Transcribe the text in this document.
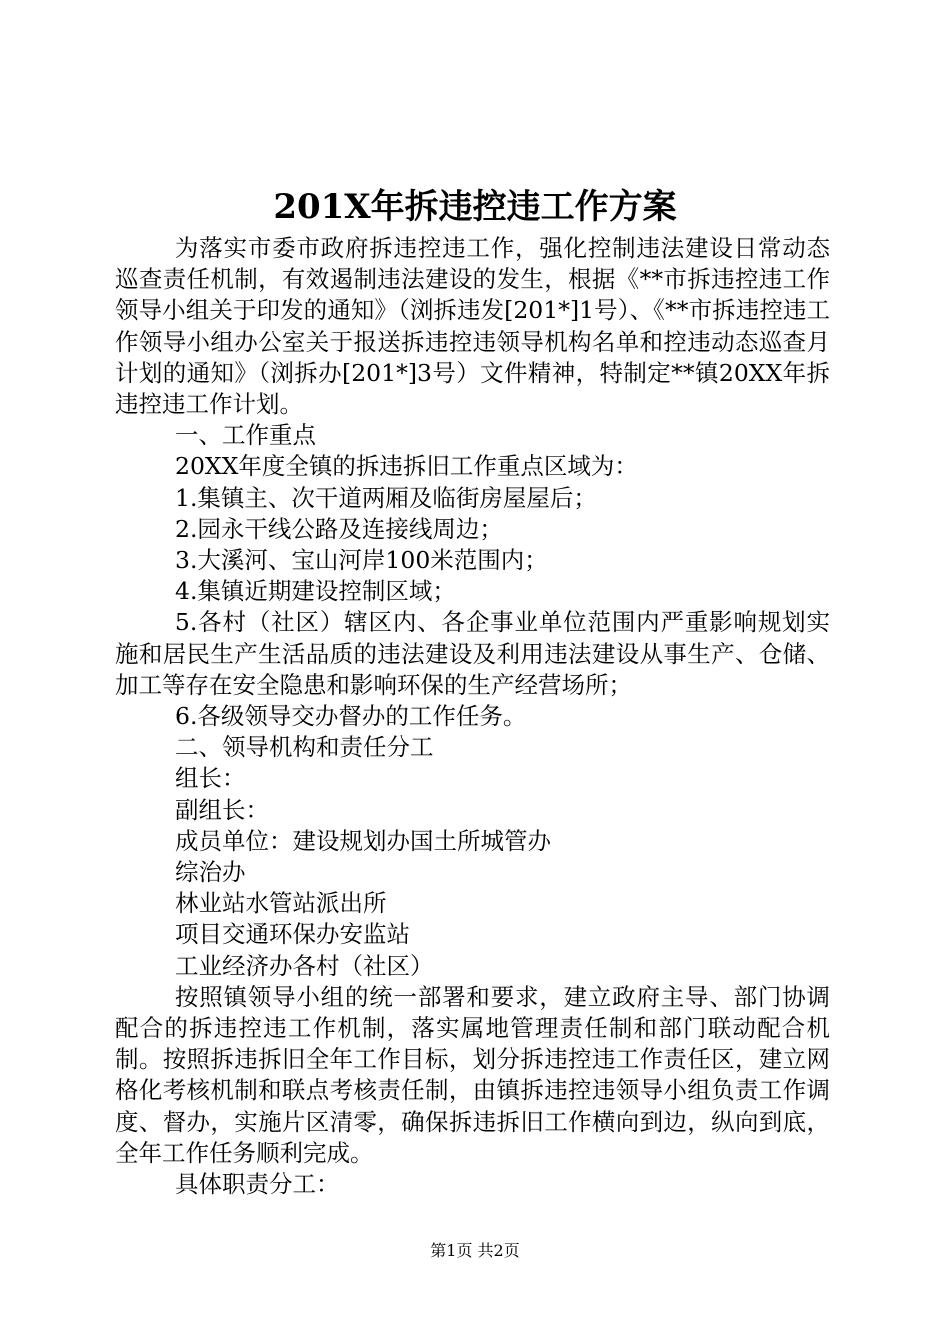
201X年拆违控违工作方案

为落实市委市政府拆违控违工作，强化控制违法建设日常动态巡查责任机制，有效遏制违法建设的发生，根据《**市拆违控违工作领导小组关于印发的通知》（浏拆违发[201*]1号）、《**市拆违控违工作领导小组办公室关于报送拆违控违领导机构名单和控违动态巡查月计划的通知》（浏拆办[201*]3号）文件精神，特制定**镇20XX年拆违控违工作计划。

一、工作重点

20XX年度全镇的拆违拆旧工作重点区域为：

1.集镇主、次干道两厢及临街房屋屋后；

2.园永干线公路及连接线周边；

3.大溪河、宝山河岸100米范围内；

4.集镇近期建设控制区域；

5.各村（社区）辖区内、各企事业单位范围内严重影响规划实施和居民生产生活品质的违法建设及利用违法建设从事生产、仓储、加工等存在安全隐患和影响环保的生产经营场所；

6.各级领导交办督办的工作任务。

二、领导机构和责任分工

组长：

副组长：

成员单位：建设规划办国土所城管办

综治办

林业站水管站派出所

项目交通环保办安监站

工业经济办各村（社区）

按照镇领导小组的统一部署和要求，建立政府主导、部门协调配合的拆违控违工作机制，落实属地管理责任制和部门联动配合机制。按照拆违拆旧全年工作目标，划分拆违控违工作责任区，建立网格化考核机制和联点考核责任制，由镇拆违控违领导小组负责工作调度、督办，实施片区清零，确保拆违拆旧工作横向到边，纵向到底，全年工作任务顺利完成。

具体职责分工：

第1页 共2页
